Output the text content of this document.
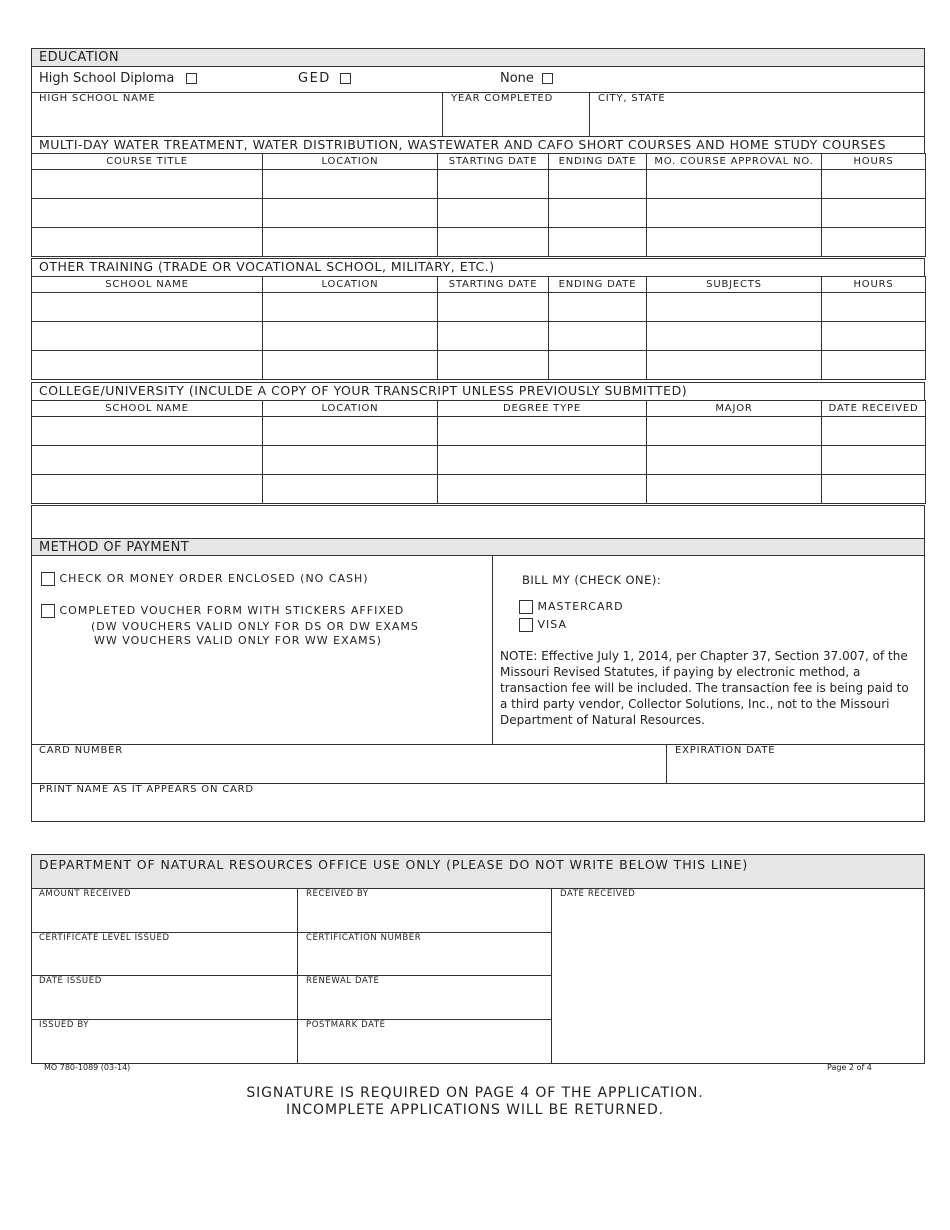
EDUCATION
High School Diploma	GED	None
HIGH SCHOOL NAME	YEAR COMPLETED	CITY, STATE
MULTI-DAY WATER TREATMENT, WATER DISTRIBUTION, WASTEWATER AND CAFO SHORT COURSES AND HOME STUDY COURSES
COURSE TITLE	LOCATION	STARTING DATE	ENDING DATE	MO. COURSE APPROVAL NO.	HOURS

OTHER TRAINING (TRADE OR VOCATIONAL SCHOOL, MILITARY, ETC.)
SCHOOL NAME	LOCATION	STARTING DATE	ENDING DATE	SUBJECTS	HOURS

COLLEGE/UNIVERSITY (INCULDE A COPY OF YOUR TRANSCRIPT UNLESS PREVIOUSLY SUBMITTED)
SCHOOL NAME	LOCATION	DEGREE TYPE	MAJOR	DATE RECEIVED

METHOD OF PAYMENT
CHECK OR MONEY ORDER ENCLOSED (NO CASH)
COMPLETED VOUCHER FORM WITH STICKERS AFFIXED
(DW VOUCHERS VALID ONLY FOR DS OR DW EXAMS
WW VOUCHERS VALID ONLY FOR WW EXAMS)
BILL MY (CHECK ONE):
MASTERCARD
VISA
NOTE: Effective July 1, 2014, per Chapter 37, Section 37.007, of the Missouri Revised Statutes, if paying by electronic method, a transaction fee will be included. The transaction fee is being paid to a third party vendor, Collector Solutions, Inc., not to the Missouri Department of Natural Resources.
CARD NUMBER	EXPIRATION DATE
PRINT NAME AS IT APPEARS ON CARD
DEPARTMENT OF NATURAL RESOURCES OFFICE USE ONLY (PLEASE DO NOT WRITE BELOW THIS LINE)
AMOUNT RECEIVED	RECEIVED BY	DATE RECEIVED
CERTIFICATE LEVEL ISSUED	CERTIFICATION NUMBER
DATE ISSUED	RENEWAL DATE
ISSUED BY	POSTMARK DATE
MO 780-1089 (03-14)	Page 2 of 4
SIGNATURE IS REQUIRED ON PAGE 4 OF THE APPLICATION.
INCOMPLETE APPLICATIONS WILL BE RETURNED.
